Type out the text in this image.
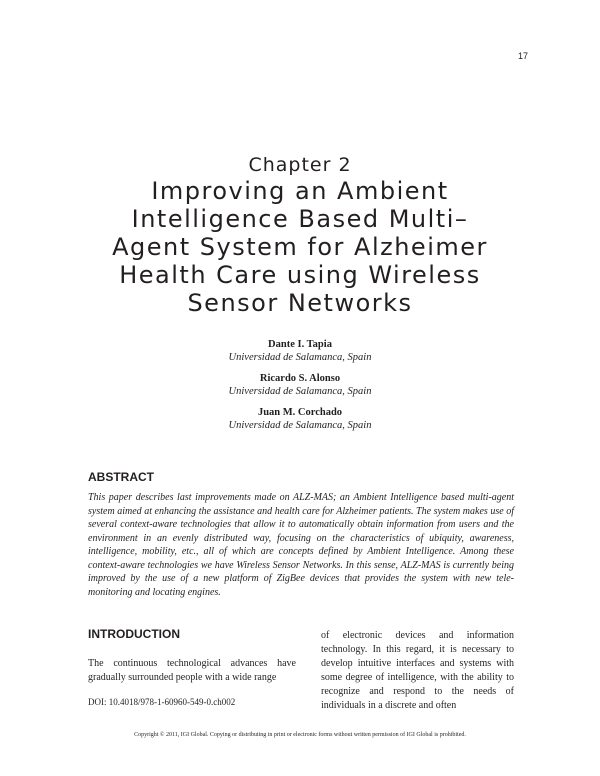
17
Chapter 2
Improving an Ambient
Intelligence Based Multi–
Agent System for Alzheimer
Health Care using Wireless
Sensor Networks
Dante I. Tapia
Universidad de Salamanca, Spain
Ricardo S. Alonso
Universidad de Salamanca, Spain
Juan M. Corchado
Universidad de Salamanca, Spain
ABSTRACT

This paper describes last improvements made on ALZ-MAS; an Ambient Intelligence based multi-agent system aimed at enhancing the assistance and health care for Alzheimer patients. The system makes use of several context-aware technologies that allow it to automatically obtain information from users and the environment in an evenly distributed way, focusing on the characteristics of ubiquity, awareness, intelligence, mobility, etc., all of which are concepts defined by Ambient Intelligence. Among these context-aware technologies we have Wireless Sensor Networks. In this sense, ALZ-MAS is currently being improved by the use of a new platform of ZigBee devices that provides the system with new tele-monitoring and locating engines.

INTRODUCTION

The continuous technological advances have gradually surrounded people with a wide range

of electronic devices and information technology. In this regard, it is necessary to develop intuitive interfaces and systems with some degree of intelligence, with the ability to recognize and respond to the needs of individuals in a discrete and often

DOI: 10.4018/978-1-60960-549-0.ch002
Copyright © 2011, IGI Global. Copying or distributing in print or electronic forms without written permission of IGI Global is prohibited.
